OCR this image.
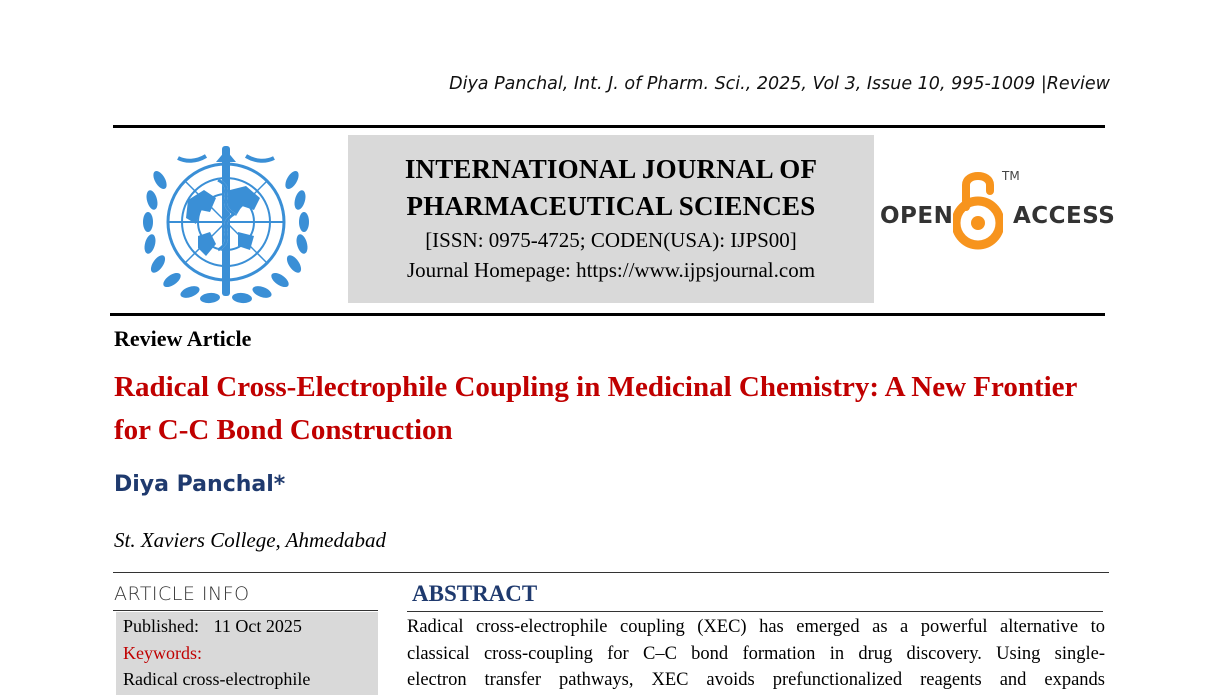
Diya Panchal, Int. J. of Pharm. Sci., 2025, Vol 3, Issue 10, 995-1009 |Review
INTERNATIONAL JOURNAL OF
PHARMACEUTICAL SCIENCES
[ISSN: 0975-4725; CODEN(USA): IJPS00]
Journal Homepage: https://www.ijpsjournal.com
OPEN
TM
ACCESS
Review Article
Radical Cross-Electrophile Coupling in Medicinal Chemistry: A New Frontier for C-C Bond Construction
Diya Panchal*
St. Xaviers College, Ahmedabad
ARTICLE INFO
Published: 11 Oct 2025
Keywords:
Radical cross-electrophile
ABSTRACT
Radical cross-electrophile coupling (XEC) has emerged as a powerful alternative to
classical cross-coupling for C–C bond formation in drug discovery. Using single-
electron transfer pathways, XEC avoids prefunctionalized reagents and expands
